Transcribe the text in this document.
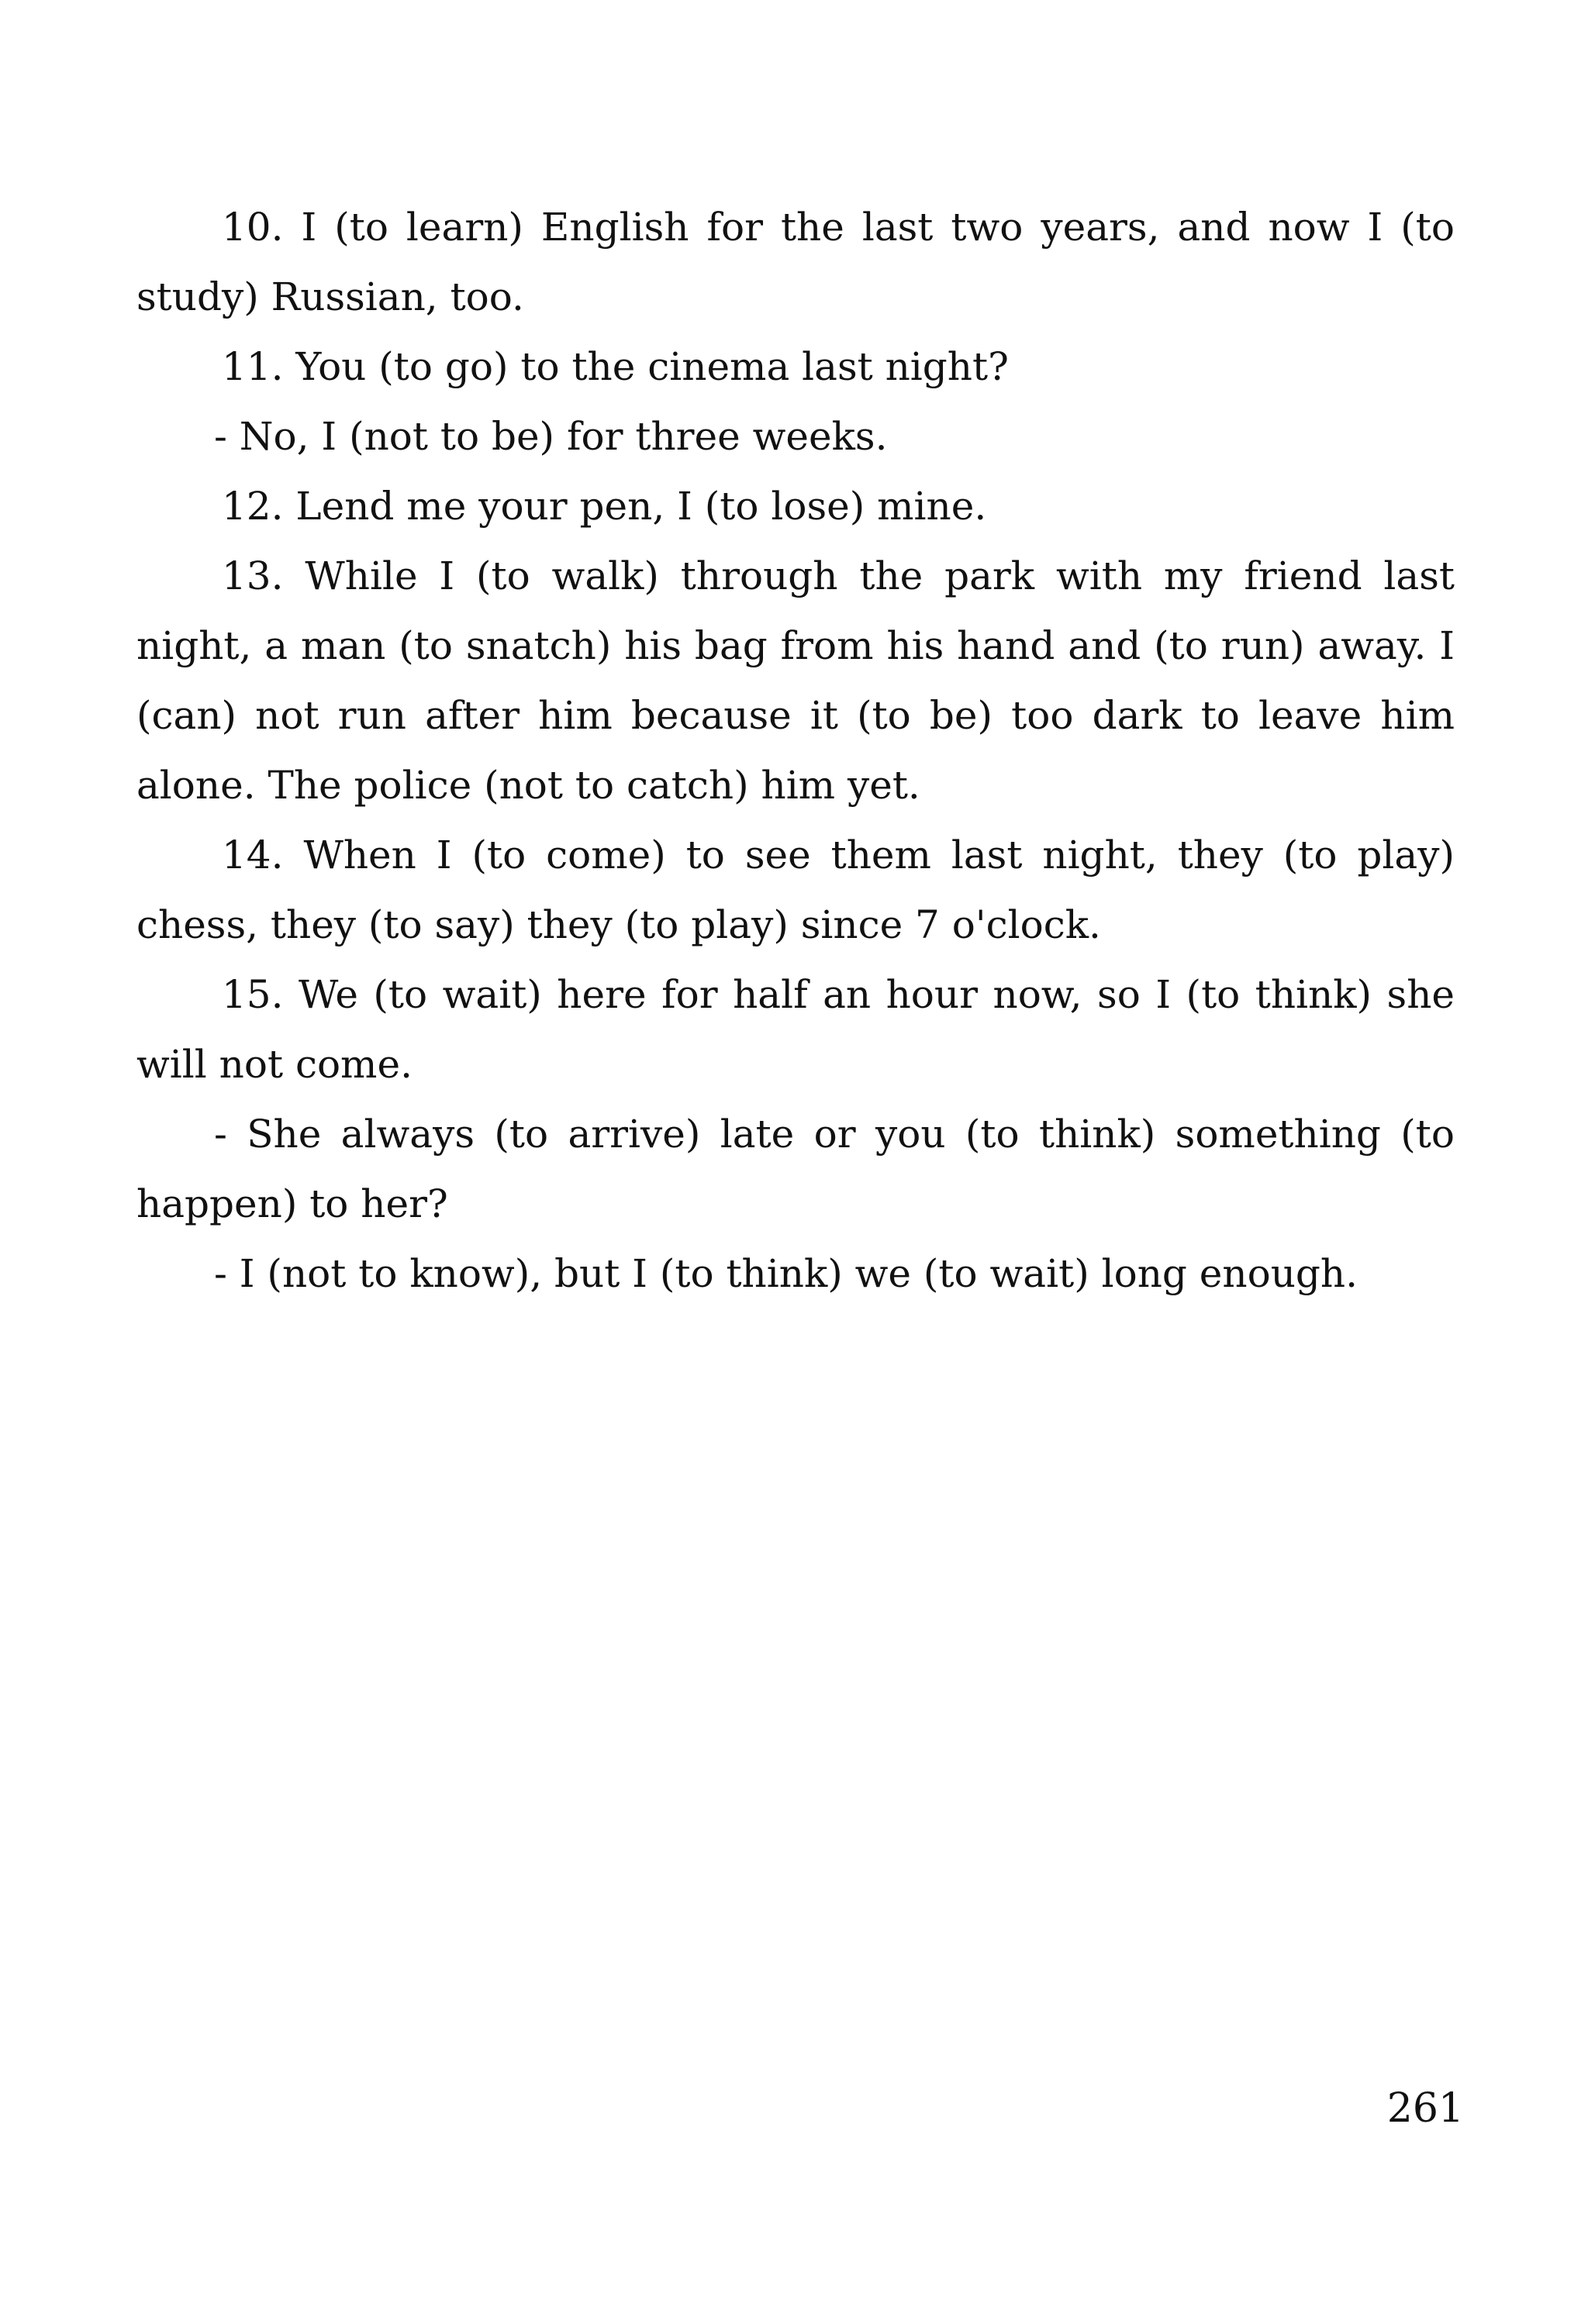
10. I (to learn) English for the last two years, and now I (to study) Russian, too.

11. You (to go) to the cinema last night?

- No, I (not to be) for three weeks.

12. Lend me your pen, I (to lose) mine.

13. While I (to walk) through the park with my friend last night, a man (to snatch) his bag from his hand and (to run) away. I (can) not run after him because it (to be) too dark to leave him alone. The police (not to catch) him yet.

14. When I (to come) to see them last night, they (to play) chess, they (to say) they (to play) since 7 o'clock.

15. We (to wait) here for half an hour now, so I (to think) she will not come.

- She always (to arrive) late or you (to think) something (to happen) to her?

- I (not to know), but I (to think) we (to wait) long enough.

261
